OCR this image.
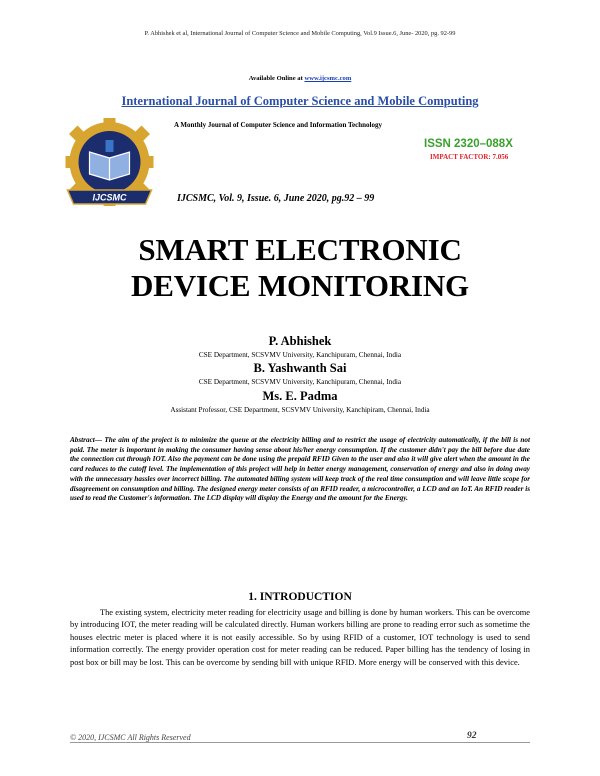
P. Abhishek et al, International Journal of Computer Science and Mobile Computing, Vol.9 Issue.6, June- 2020, pg. 92-99
Available Online at www.ijcsmc.com
International Journal of Computer Science and Mobile Computing
A Monthly Journal of Computer Science and Information Technology
IJCSMC
ISSN 2320–088X
IMPACT FACTOR: 7.056
IJCSMC, Vol. 9, Issue. 6, June 2020, pg.92 – 99
SMART ELECTRONIC
DEVICE MONITORING
P. Abhishek
CSE Department, SCSVMV University, Kanchipuram, Chennai, India
B. Yashwanth Sai
CSE Department, SCSVMV University, Kanchipuram, Chennai, India
Ms. E. Padma
Assistant Professor, CSE Department, SCSVMV University, Kanchipiram, Chennai, India
Abstract— The aim of the project is to minimize the queue at the electricity billing and to restrict the usage of electricity automatically, if the bill is not paid. The meter is important in making the consumer having sense about his/her energy consumption. If the customer didn't pay the bill before due date the connection cut through IOT. Also the payment can be done using the prepaid RFID Given to the user and also it will give alert when the amount in the card reduces to the cutoff level. The implementation of this project will help in better energy management, conservation of energy and also in doing away with the unnecessary hassles over incorrect billing. The automated billing system will keep track of the real time consumption and will leave little scope for disagreement on consumption and billing. The designed energy meter consists of an RFID reader, a microcontroller, a LCD and an IoT. An RFID reader is used to read the Customer's information. The LCD display will display the Energy and the amount for the Energy.
1. INTRODUCTION
The existing system, electricity meter reading for electricity usage and billing is done by human workers. This can be overcome by introducing IOT, the meter reading will be calculated directly. Human workers billing are prone to reading error such as sometime the houses electric meter is placed where it is not easily accessible. So by using RFID of a customer, IOT technology is used to send information correctly. The energy provider operation cost for meter reading can be reduced. Paper billing has the tendency of losing in post box or bill may be lost. This can be overcome by sending bill with unique RFID. More energy will be conserved with this device.
© 2020, IJCSMC All Rights Reserved	92
